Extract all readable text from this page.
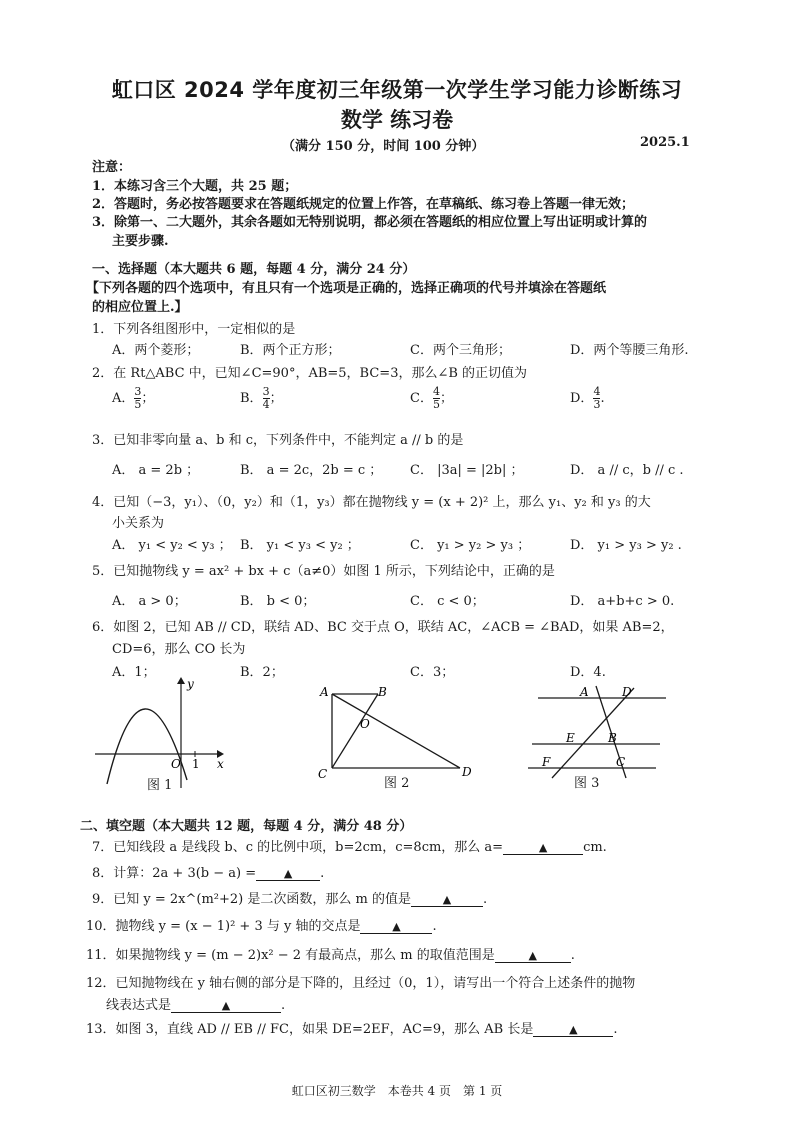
虹口区 2024 学年度初三年级第一次学生学习能力诊断练习
数学 练习卷
（满分 150 分，时间 100 分钟）	2025.1
注意：
1．本练习含三个大题，共 25 题；
2．答题时，务必按答题要求在答题纸规定的位置上作答，在草稿纸、练习卷上答题一律无效；
3．除第一、二大题外，其余各题如无特别说明，都必须在答题纸的相应位置上写出证明或计算的
主要步骤.
一、选择题（本大题共 6 题，每题 4 分，满分 24 分）
【下列各题的四个选项中，有且只有一个选项是正确的，选择正确项的代号并填涂在答题纸
的相应位置上.】
1．下列各组图形中，一定相似的是
A．两个菱形；	B．两个正方形；	C．两个三角形；	D．两个等腰三角形.
2．在 Rt△ABC 中，已知∠C=90°，AB=5，BC=3，那么∠B 的正切值为
A． $\frac{3}{5}$ ；	B． $\frac{3}{4}$ ；	C． $\frac{4}{5}$ ；	D． $\frac{4}{3}$ .
3．已知非零向量 a、b 和 c，下列条件中，不能判定 a // b 的是
A． a = 2b ；	B． a = 2c，2b = c ； C． |3a| = |2b| ；	D． a // c，b // c .
4．已知（−3，y₁）、（0，y₂）和（1，y₃）都在抛物线 y = (x + 2)² 上，那么 y₁、y₂ 和 y₃ 的大
小关系为
A． y₁ < y₂ < y₃ ； B． y₁ < y₃ < y₂ ；	C． y₁ > y₂ > y₃ ；	D． y₁ > y₃ > y₂ .
5．已知抛物线 y = ax² + bx + c（a≠0）如图 1 所示，下列结论中，正确的是
A． a > 0；	B． b < 0；	C． c < 0；	D． a+b+c > 0.
6．如图 2，已知 AB // CD，联结 AD、BC 交于点 O，联结 AC，∠ACB = ∠BAD，如果 AB=2，
CD=6，那么 CO 长为
A．1；	B．2；	C．3；	D．4.
y
x
O 1
图 1
A	B
C	D
O
图 2
A	D
E	B
F	C
图 3
二、填空题（本大题共 12 题，每题 4 分，满分 48 分）
7．已知线段 a 是线段 b、c 的比例中项，b=2cm，c=8cm，那么 a=	▲	cm.
8．计算：2a + 3(b − a) =	▲ .
9．已知 y = 2x^(m²+2) 是二次函数，那么 m 的值是	▲ .
10．抛物线 y = (x − 1)² + 3 与 y 轴的交点是	▲ .
11．如果抛物线 y = (m − 2)x² − 2 有最高点，那么 m 的取值范围是	▲	.
12．已知抛物线在 y 轴右侧的部分是下降的，且经过（0，1），请写出一个符合上述条件的抛物
线表达式是	▲	.
13．如图 3，直线 AD // EB // FC，如果 DE=2EF，AC=9，那么 AB 长是	▲	.
虹口区初三数学　本卷共 4 页　第 1 页
